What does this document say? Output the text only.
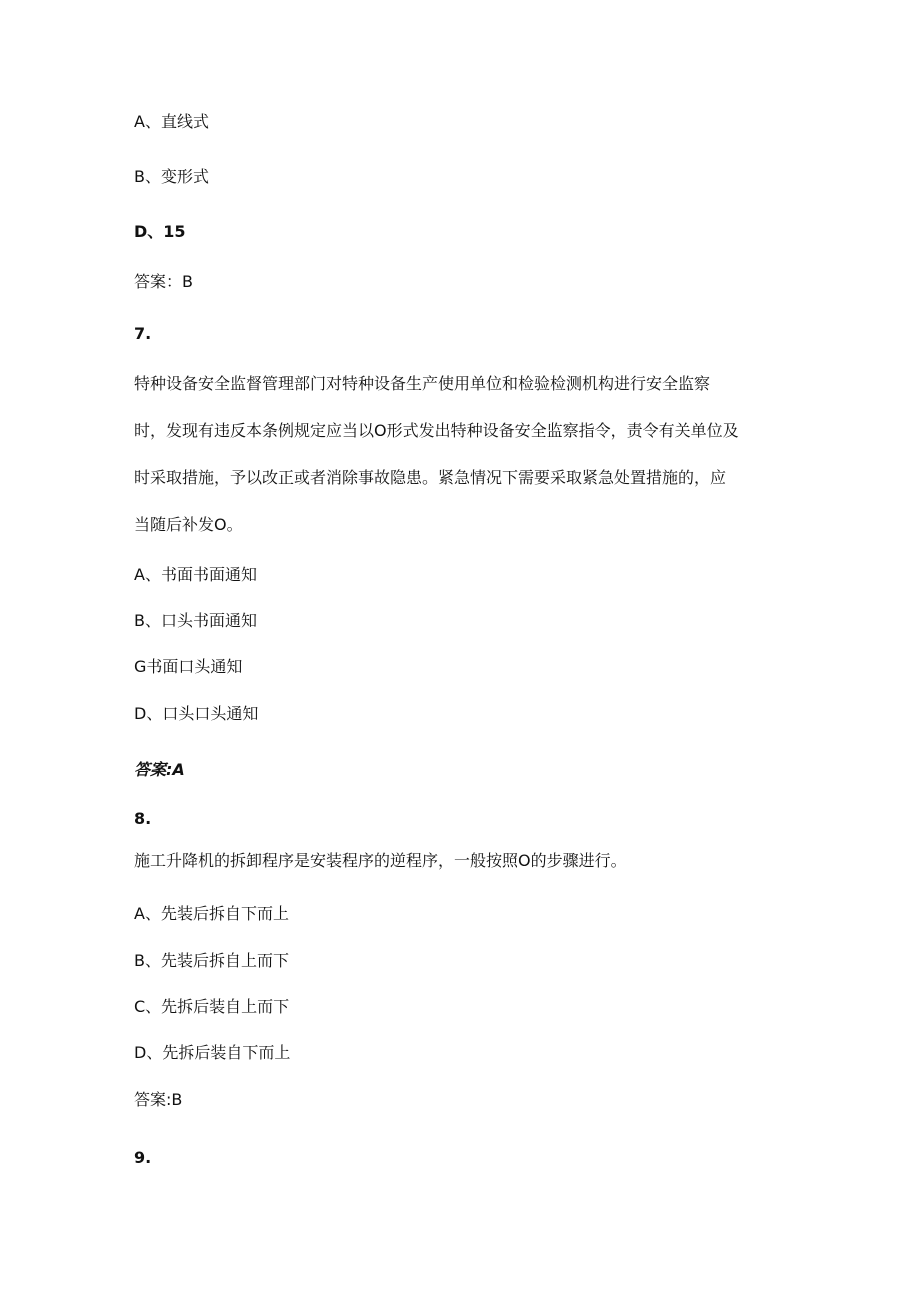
A、直线式
B、变形式
D、15
答案：B
7.
特种设备安全监督管理部门对特种设备生产使用单位和检验检测机构进行安全监察
时，发现有违反本条例规定应当以O形式发出特种设备安全监察指令，责令有关单位及
时采取措施，予以改正或者消除事故隐患。紧急情况下需要采取紧急处置措施的，应
当随后补发O。
A、书面书面通知
B、口头书面通知
G书面口头通知
D、口头口头通知
答案:A
8.
施工升降机的拆卸程序是安装程序的逆程序，一般按照O的步骤进行。
A、先装后拆自下而上
B、先装后拆自上而下
C、先拆后装自上而下
D、先拆后装自下而上
答案:B
9.
